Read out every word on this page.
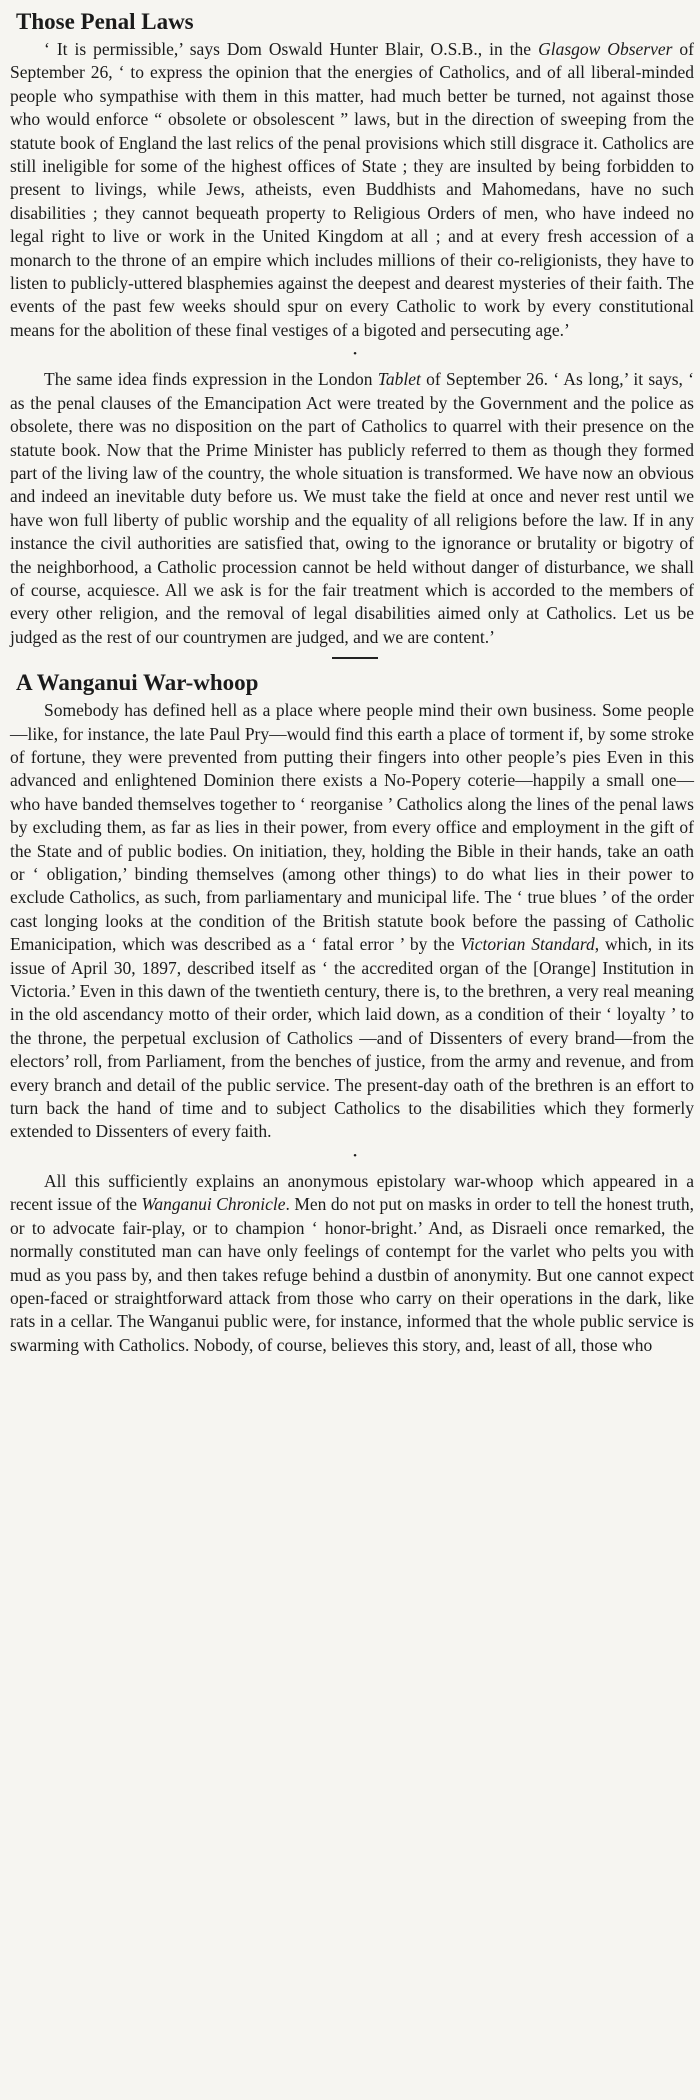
Those Penal Laws

‘ It is permissible,’ says Dom Oswald Hunter Blair, O.S.B., in the Glasgow Observer of September 26, ‘ to express the opinion that the energies of Catholics, and of all liberal-minded people who sympathise with them in this matter, had much better be turned, not against those who would enforce “ obsolete or obsolescent ” laws, but in the direction of sweeping from the statute book of England the last relics of the penal provisions which still disgrace it. Catholics are still ineligible for some of the highest offices of State ; they are insulted by being forbidden to present to livings, while Jews, atheists, even Buddhists and Mahomedans, have no such disabilities ; they cannot bequeath property to Religious Orders of men, who have indeed no legal right to live or work in the United Kingdom at all ; and at every fresh accession of a monarch to the throne of an empire which includes millions of their co-religionists, they have to listen to publicly-uttered blasphemies against the deepest and dearest mysteries of their faith. The events of the past few weeks should spur on every Catholic to work by every constitutional means for the abolition of these final vestiges of a bigoted and persecuting age.’

•

The same idea finds expression in the London Tablet of September 26. ‘ As long,’ it says, ‘ as the penal clauses of the Emancipation Act were treated by the Government and the police as obsolete, there was no disposition on the part of Catholics to quarrel with their presence on the statute book. Now that the Prime Minister has publicly referred to them as though they formed part of the living law of the country, the whole situation is transformed. We have now an obvious and indeed an inevitable duty before us. We must take the field at once and never rest until we have won full liberty of public worship and the equality of all religions before the law. If in any instance the civil authorities are satisfied that, owing to the ignorance or brutality or bigotry of the neighborhood, a Catholic procession cannot be held without danger of disturbance, we shall of course, acquiesce. All we ask is for the fair treatment which is accorded to the members of every other religion, and the removal of legal disabilities aimed only at Catholics. Let us be judged as the rest of our countrymen are judged, and we are content.’

A Wanganui War-whoop

Somebody has defined hell as a place where people mind their own business. Some people—like, for instance, the late Paul Pry—would find this earth a place of torment if, by some stroke of fortune, they were prevented from putting their fingers into other people’s pies Even in this advanced and enlightened Dominion there exists a No-Popery coterie—happily a small one—who have banded themselves together to ‘ reorganise ’ Catholics along the lines of the penal laws by excluding them, as far as lies in their power, from every office and employment in the gift of the State and of public bodies. On initiation, they, holding the Bible in their hands, take an oath or ‘ obligation,’ binding themselves (among other things) to do what lies in their power to exclude Catholics, as such, from parliamentary and municipal life. The ‘ true blues ’ of the order cast longing looks at the condition of the British statute book before the passing of Catholic Emanicipation, which was described as a ‘ fatal error ’ by the Victorian Standard, which, in its issue of April 30, 1897, described itself as ‘ the accredited organ of the [Orange] Institution in Victoria.’ Even in this dawn of the twentieth century, there is, to the brethren, a very real meaning in the old ascendancy motto of their order, which laid down, as a condition of their ‘ loyalty ’ to the throne, the perpetual exclusion of Catholics —and of Dissenters of every brand—from the electors’ roll, from Parliament, from the benches of justice, from the army and revenue, and from every branch and detail of the public service. The present-day oath of the brethren is an effort to turn back the hand of time and to subject Catholics to the disabilities which they formerly extended to Dissenters of every faith.

•

All this sufficiently explains an anonymous epistolary war-whoop which appeared in a recent issue of the Wanganui Chronicle. Men do not put on masks in order to tell the honest truth, or to advocate fair-play, or to champion ‘ honor-bright.’ And, as Disraeli once remarked, the normally constituted man can have only feelings of contempt for the varlet who pelts you with mud as you pass by, and then takes refuge behind a dustbin of anonymity. But one cannot expect open-faced or straightforward attack from those who carry on their operations in the dark, like rats in a cellar. The Wanganui public were, for instance, informed that the whole public service is swarming with Catholics. Nobody, of course, believes this story, and, least of all, those who
